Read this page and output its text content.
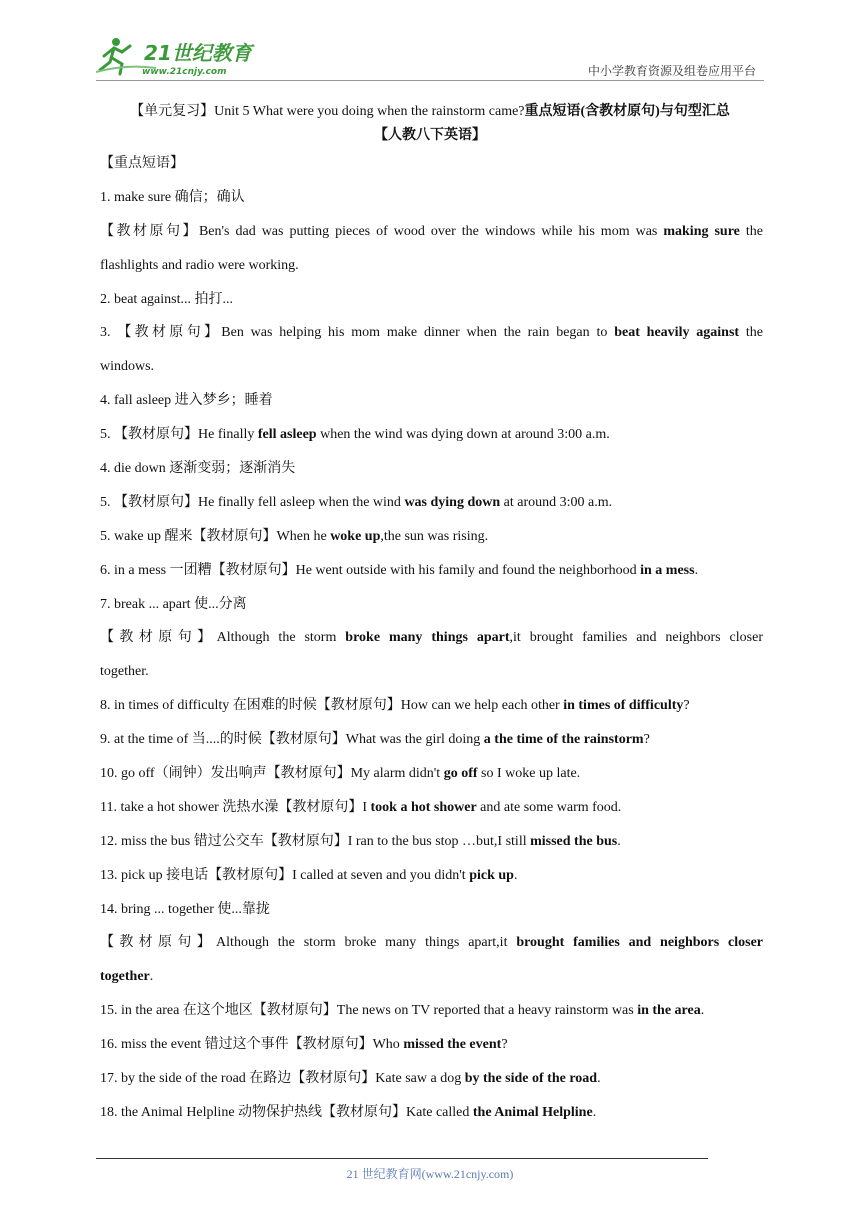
21世纪教育
www.21cnjy.com	中小学教育资源及组卷应用平台
【单元复习】Unit 5 What were you doing when the rainstorm came?重点短语(含教材原句)与句型汇总
【人教八下英语】
【重点短语】
1. make sure 确信；确认
【教材原句】Ben's dad was putting pieces of wood over the windows while his mom was making sure the
flashlights and radio were working.
2. beat against... 拍打...
3. 【教材原句】Ben was helping his mom make dinner when the rain began to beat heavily against the
windows.
4. fall asleep 进入梦乡；睡着
5. 【教材原句】He finally fell asleep when the wind was dying down at around 3:00 a.m.
4. die down 逐渐变弱；逐渐消失
5. 【教材原句】He finally fell asleep when the wind was dying down at around 3:00 a.m.
5. wake up 醒来【教材原句】When he woke up,the sun was rising.
6. in a mess 一团糟【教材原句】He went outside with his family and found the neighborhood in a mess.
7. break ... apart 使...分离
【教材原句】Although the storm broke many things apart,it brought families and neighbors closer
together.
8. in times of difficulty 在困难的时候【教材原句】How can we help each other in times of difficulty?
9. at the time of 当....的时候【教材原句】What was the girl doing a the time of the rainstorm?
10. go off（闹钟）发出响声【教材原句】My alarm didn't go off so I woke up late.
11. take a hot shower 洗热水澡【教材原句】I took a hot shower and ate some warm food.
12. miss the bus 错过公交车【教材原句】I ran to the bus stop …but,I still missed the bus.
13. pick up 接电话【教材原句】I called at seven and you didn't pick up.
14. bring ... together 使...靠拢
【教材原句】Although the storm broke many things apart,it brought families and neighbors closer
together.
15. in the area 在这个地区【教材原句】The news on TV reported that a heavy rainstorm was in the area.
16. miss the event 错过这个事件【教材原句】Who missed the event?
17. by the side of the road 在路边【教材原句】Kate saw a dog by the side of the road.
18. the Animal Helpline 动物保护热线【教材原句】Kate called the Animal Helpline.
21 世纪教育网(www.21cnjy.com)
